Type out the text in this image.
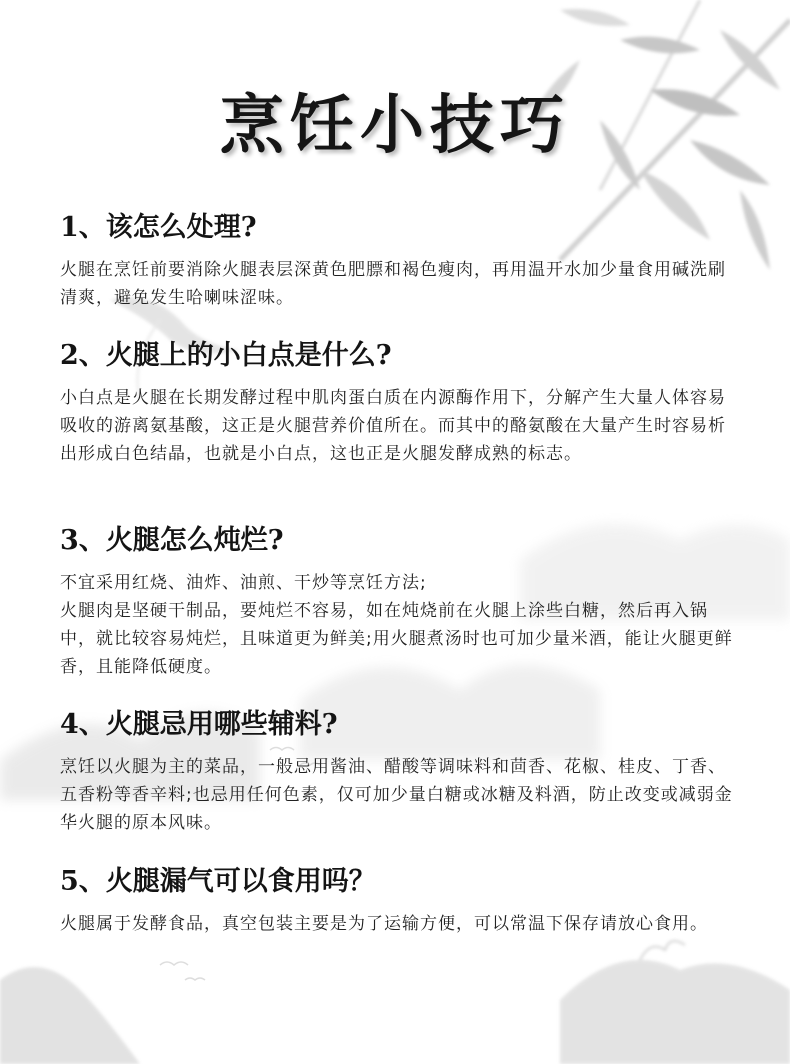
烹饪小技巧
1、该怎么处理?

火腿在烹饪前要消除火腿表层深黄色肥膘和褐色瘦肉，再用温开水加少量食用碱洗刷清爽，避免发生哈喇味涩味。

2、火腿上的小白点是什么?

小白点是火腿在长期发酵过程中肌肉蛋白质在内源酶作用下，分解产生大量人体容易吸收的游离氨基酸，这正是火腿营养价值所在。而其中的酪氨酸在大量产生时容易析出形成白色结晶，也就是小白点，这也正是火腿发酵成熟的标志。

3、火腿怎么炖烂?

不宜采用红烧、油炸、油煎、干炒等烹饪方法;

火腿肉是坚硬干制品，要炖烂不容易，如在炖烧前在火腿上涂些白糖，然后再入锅中，就比较容易炖烂，且味道更为鲜美;用火腿煮汤时也可加少量米酒，能让火腿更鲜香，且能降低硬度。

4、火腿忌用哪些辅料?

烹饪以火腿为主的菜品，一般忌用酱油、醋酸等调味料和茴香、花椒、桂皮、丁香、五香粉等香辛料;也忌用任何色素，仅可加少量白糖或冰糖及料酒，防止改变或减弱金华火腿的原本风味。

5、火腿漏气可以食用吗？

火腿属于发酵食品，真空包装主要是为了运输方便，可以常温下保存请放心食用。
